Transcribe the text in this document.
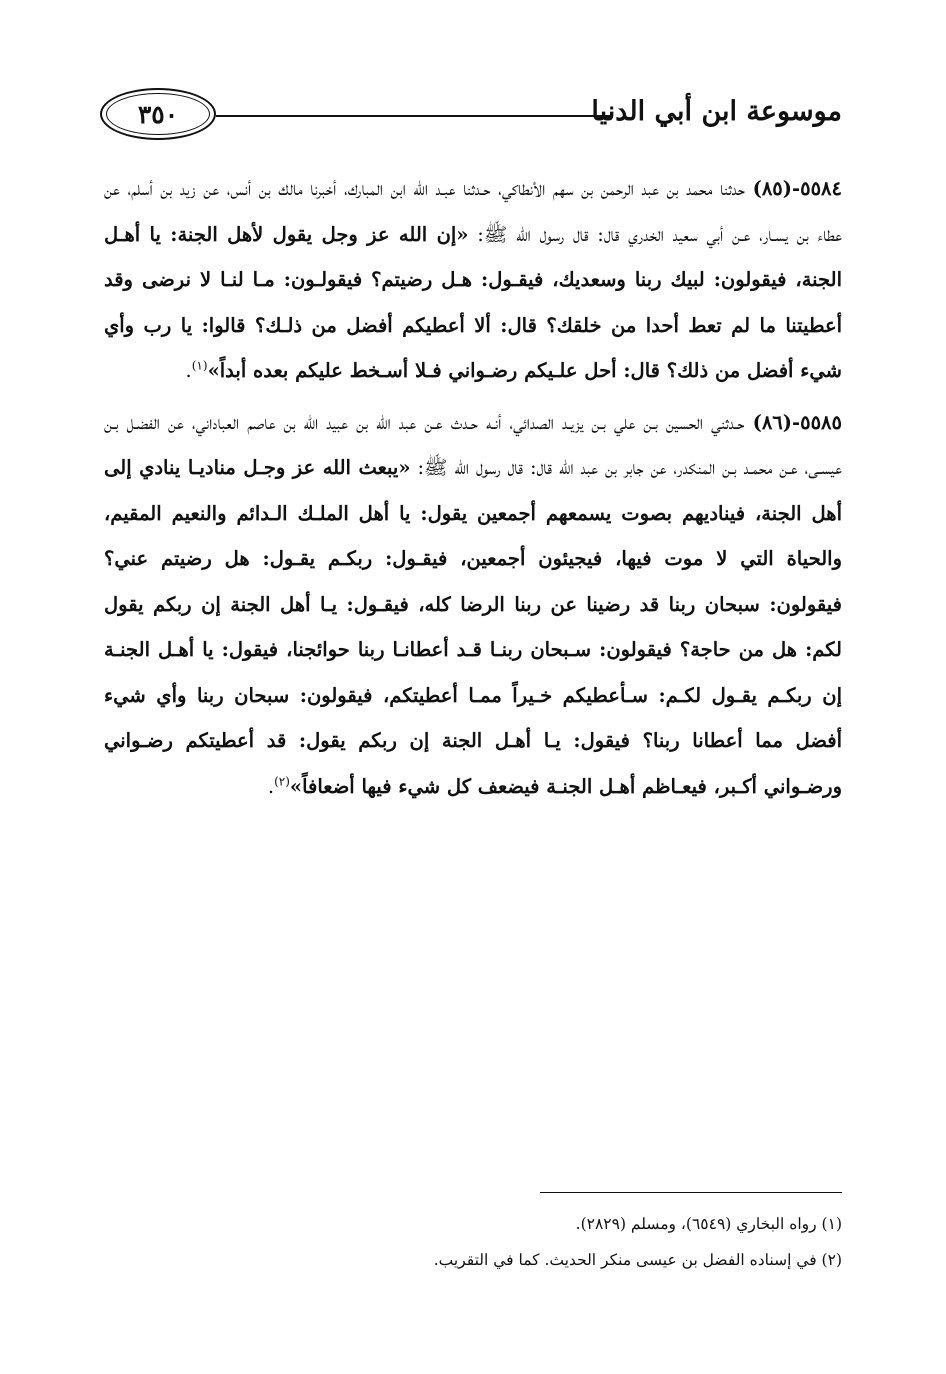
موسوعة ابن أبي الدنيا
٣٥٠

٥٥٨٤-(٨٥) حدثنا محمد بن عبد الرحمن بن سهم الأنطاكي، حـدثنا عبـد الله ابن المبارك، أخبرنا مالك بن أنس، عن زيد بن أسلم، عن عطاء بن يسـار، عـن أبي سعيد الخدري قال: قال رسول الله ﷺ: «إن الله عز وجل يقول لأهل الجنة: يا أهـل الجنة، فيقولون: لبيك ربنا وسعديك، فيقـول: هـل رضيتم؟ فيقولـون: مـا لنـا لا نرضى وقد أعطيتنا ما لم تعط أحدا من خلقك؟ قال: ألا أعطيكم أفضل من ذلـك؟ قالوا: يا رب وأي شيء أفضل من ذلك؟ قال: أحل علـيكم رضـواني فـلا أسـخط عليكم بعده أبداً»$^{(١)}$.

٥٥٨٥-(٨٦) حـدثني الحسين بـن علي بـن يزيـد الصدائي، أنـه حـدث عـن عبد الله بن عبيد الله بن عاصم العباداني، عن الفضـل بـن عيسـى، عـن محمـد بـن المنكدر، عن جابر بن عبد الله قال: قال رسول الله ﷺ: «يبعث الله عز وجـل مناديـا ينادي إلى أهل الجنة، فيناديهم بصوت يسمعهم أجمعين يقول: يا أهل الملـك الـدائم والنعيم المقيم، والحياة التي لا موت فيها، فيجيئون أجمعين، فيقـول: ربكـم يقـول: هل رضيتم عني؟ فيقولون: سبحان ربنا قد رضينا عن ربنا الرضا كله، فيقـول: يـا أهل الجنة إن ربكم يقول لكم: هل من حاجة؟ فيقولون: سـبحان ربنـا قـد أعطانـا ربنا حوائجنا، فيقول: يا أهـل الجنـة إن ربكـم يقـول لكـم: سـأعطيكم خـيراً ممـا أعطيتكم، فيقولون: سبحان ربنا وأي شيء أفضل مما أعطانا ربنا؟ فيقول: يـا أهـل الجنة إن ربكم يقول: قد أعطيتكم رضـواني ورضـواني أكـبر، فيعـاظم أهـل الجنـة فيضعف كل شيء فيها أضعافاً»$^{(٢)}$.

(١) رواه البخاري (٦٥٤٩)، ومسلم (٢٨٢٩).

(٢) في إسناده الفضل بن عيسى منكر الحديث. كما في التقريب.
